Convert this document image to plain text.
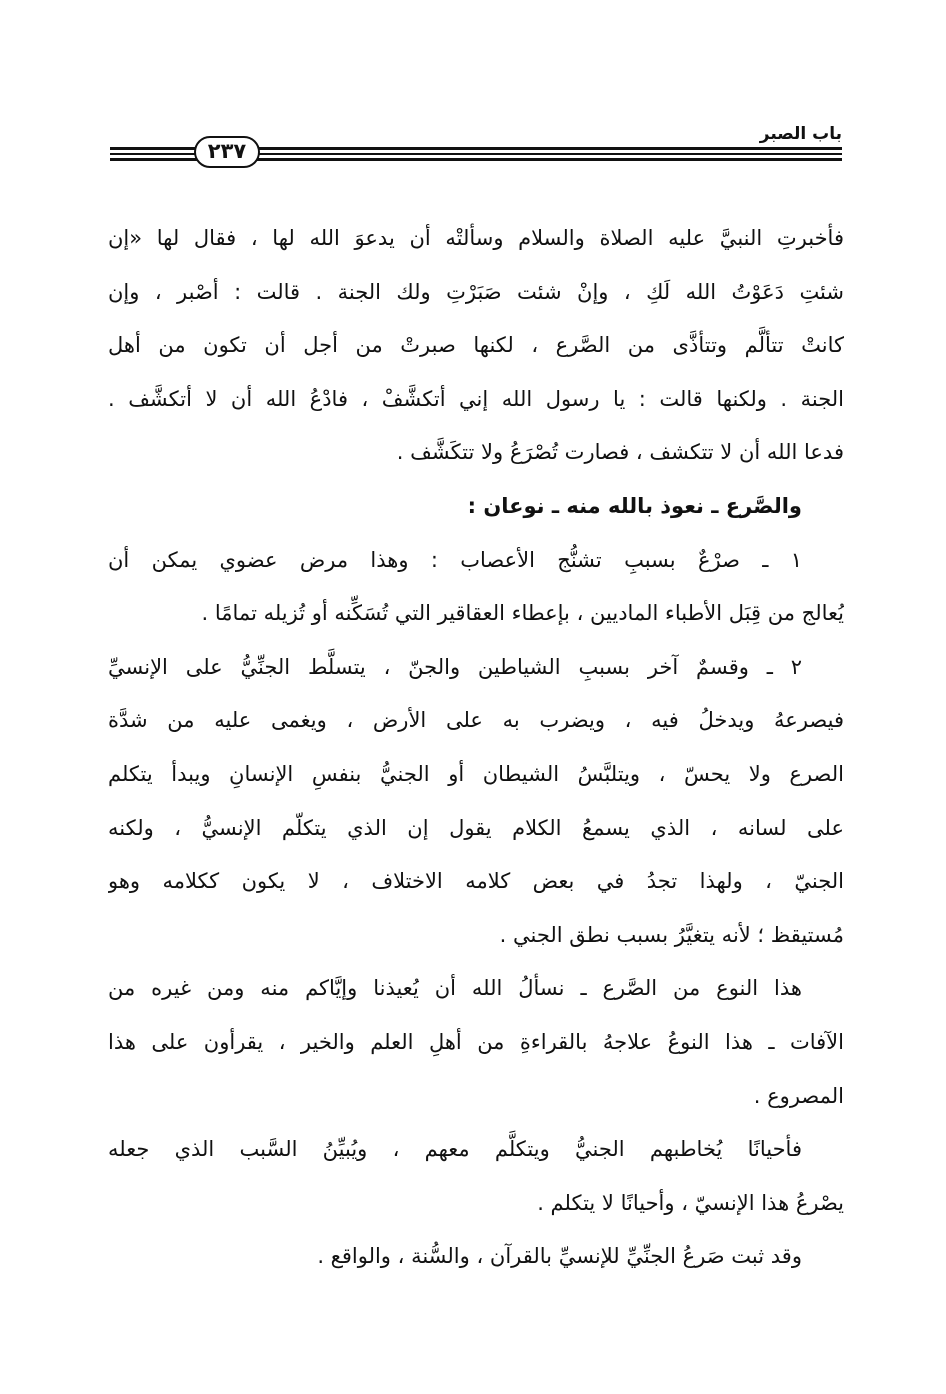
باب الصبر
٢٣٧
فأخبرتِ النبيَّ عليه الصلاة والسلام وسألتْه أن يدعوَ الله لها ، فقال لها «إن
شئتِ دَعَوْتُ الله لَكِ ، وإنْ شئت صَبَرْتِ ولك الجنة . قالت : أصْبر ، وإن
كانتْ تتألَّم وتتأذَّى من الصَّرع ، لكنها صبرتْ من أجل أن تكون من أهل
الجنة . ولكنها قالت : يا رسول الله إني أتكشَّفْ ، فادْعُ الله أن لا أتكشَّف .
فدعا الله أن لا تتكشف ، فصارت تُصْرَعُ ولا تتكَشَّف .
والصَّرع ـ نعوذ بالله منه ـ نوعان :
١ ـ صرْعٌ بسببِ تشنُّج الأعصاب : وهذا مرض عضوي يمكن أن
يُعالج من قِبَل الأطباء الماديين ، بإعطاء العقاقير التي تُسَكِّنه أو تُزيله تمامًا .
٢ ـ وقسمٌ آخر بسببِ الشياطين والجنّ ، يتسلَّط الجنِّيُّ على الإنسيِّ
فيصرعهُ ويدخلُ فيه ، ويضرب به على الأرض ، ويغمى عليه من شدَّة
الصرع ولا يحسّ ، ويتلبَّسُ الشيطان أو الجنيُّ بنفسِ الإنسانِ ويبدأ يتكلم
على لسانه ، الذي يسمعُ الكلام يقول إن الذي يتكلّم الإنسيُّ ، ولكنه
الجنيّ ، ولهذا تجدُ في بعض كلامه الاختلاف ، لا يكون ككلامه وهو
مُستيقظ ؛ لأنه يتغيَّرُ بسبب نطق الجني .
هذا النوع من الصَّرع ـ نسألُ الله أن يُعيذنا وإيَّاكم منه ومن غيره من
الآفات ـ هذا النوعُ علاجهُ بالقراءةِ من أهلِ العلم والخير ، يقرأون على هذا
المصروع .
فأحيانًا يُخاطبهم الجنيُّ ويتكلَّم معهم ، ويُبيِّنُ السَّبب الذي جعله
يصْرعُ هذا الإنسيّ ، وأحيانًا لا يتكلم .
وقد ثبت صَرعُ الجنِّيِّ للإنسيِّ بالقرآن ، والسُّنة ، والواقع .
